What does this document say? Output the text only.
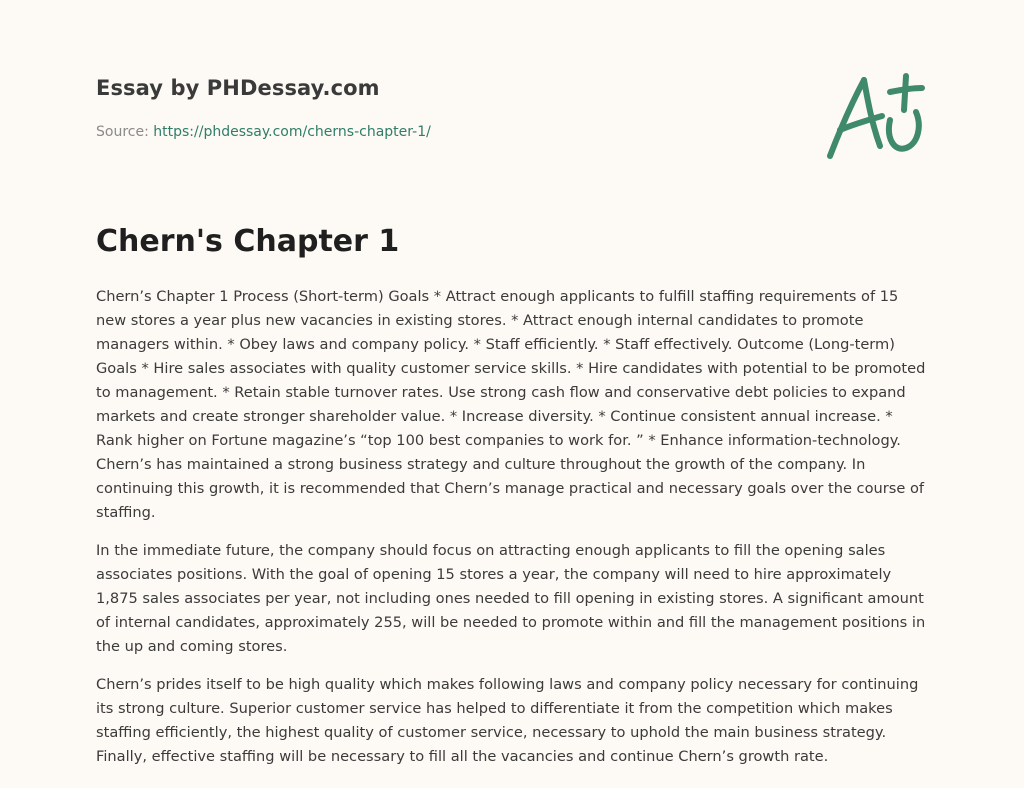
Essay by PHDessay.com

Source: https://phdessay.com/cherns-chapter-1/

Chern's Chapter 1

Chern’s Chapter 1 Process (Short-term) Goals * Attract enough applicants to fulfill staffing requirements of 15 new stores a year plus new vacancies in existing stores. * Attract enough internal candidates to promote managers within. * Obey laws and company policy. * Staff efficiently. * Staff effectively. Outcome (Long-term) Goals * Hire sales associates with quality customer service skills. * Hire candidates with potential to be promoted to management. * Retain stable turnover rates. Use strong cash flow and conservative debt policies to expand markets and create stronger shareholder value. * Increase diversity. * Continue consistent annual increase. * Rank higher on Fortune magazine’s “top 100 best companies to work for. ” * Enhance information-technology. Chern’s has maintained a strong business strategy and culture throughout the growth of the company. In continuing this growth, it is recommended that Chern’s manage practical and necessary goals over the course of staffing.

In the immediate future, the company should focus on attracting enough applicants to fill the opening sales associates positions. With the goal of opening 15 stores a year, the company will need to hire approximately 1,875 sales associates per year, not including ones needed to fill opening in existing stores. A significant amount of internal candidates, approximately 255, will be needed to promote within and fill the management positions in the up and coming stores.

Chern’s prides itself to be high quality which makes following laws and company policy necessary for continuing its strong culture. Superior customer service has helped to differentiate it from the competition which makes staffing efficiently, the highest quality of customer service, necessary to uphold the main business strategy. Finally, effective staffing will be necessary to fill all the vacancies and continue Chern’s growth rate.
